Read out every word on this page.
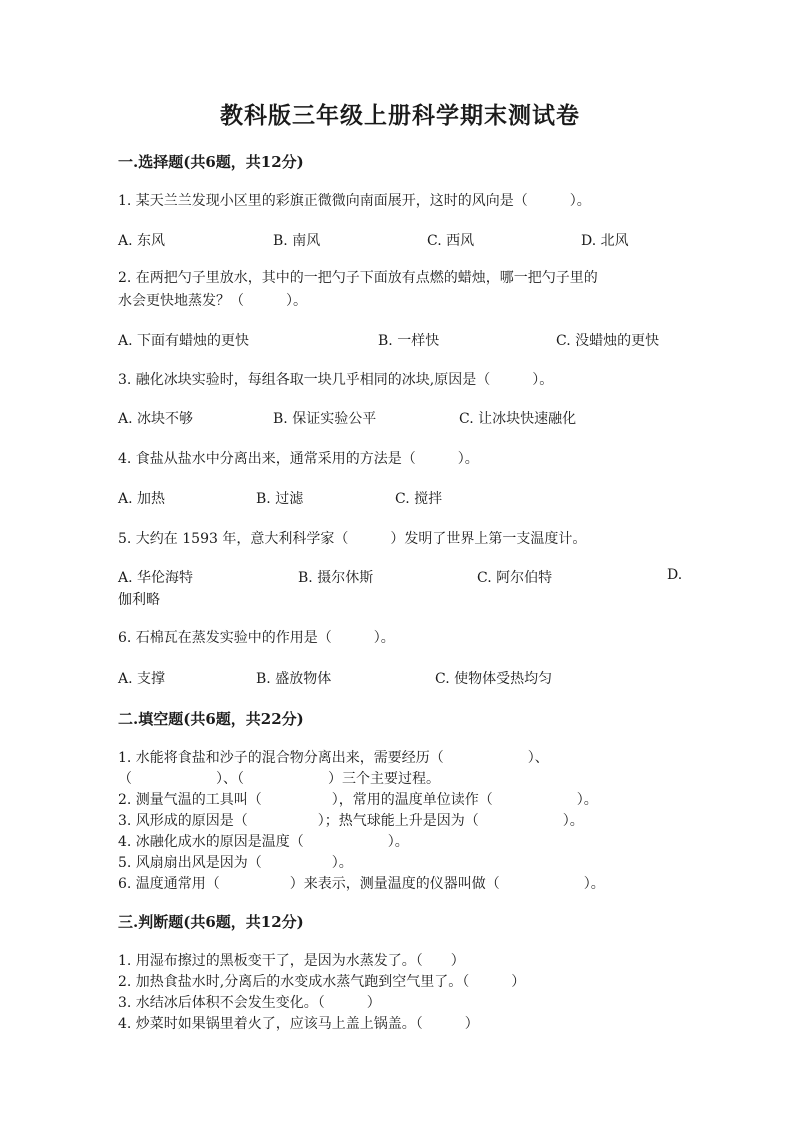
教科版三年级上册科学期末测试卷
一.选择题(共6题，共12分)
1. 某天兰兰发现小区里的彩旗正微微向南面展开，这时的风向是（　　　）。
A. 东风	B. 南风	C. 西风	D. 北风
2. 在两把勺子里放水，其中的一把勺子下面放有点燃的蜡烛，哪一把勺子里的
水会更快地蒸发？（　　　）。
A. 下面有蜡烛的更快	B. 一样快	C. 没蜡烛的更快
3. 融化冰块实验时，每组各取一块几乎相同的冰块,原因是（　　　）。
A. 冰块不够	B. 保证实验公平	C. 让冰块快速融化
4. 食盐从盐水中分离出来，通常采用的方法是（　　　）。
A. 加热	B. 过滤	C. 搅拌
5. 大约在 1593 年，意大利科学家（　　　）发明了世界上第一支温度计。
A. 华伦海特	B. 摄尔休斯	C. 阿尔伯特	D.
伽利略
6. 石棉瓦在蒸发实验中的作用是（　　　）。
A. 支撑	B. 盛放物体	C. 使物体受热均匀
二.填空题(共6题，共22分)
1. 水能将食盐和沙子的混合物分离出来，需要经历（　　　　　　）、
（　　　　　　）、（　　　　　　）三个主要过程。
2. 测量气温的工具叫（　　　　　），常用的温度单位读作（　　　　　　）。
3. 风形成的原因是（　　　　　）；热气球能上升是因为（　　　　　　）。
4. 冰融化成水的原因是温度（　　　　　　）。
5. 风扇扇出风是因为（　　　　　）。
6. 温度通常用（　　　　　）来表示，测量温度的仪器叫做（　　　　　　）。
三.判断题(共6题，共12分)
1. 用湿布擦过的黑板变干了，是因为水蒸发了。（　　）
2. 加热食盐水时,分离后的水变成水蒸气跑到空气里了。（　　　）
3. 水结冰后体积不会发生变化。（　　　）
4. 炒菜时如果锅里着火了，应该马上盖上锅盖。（　　　）
